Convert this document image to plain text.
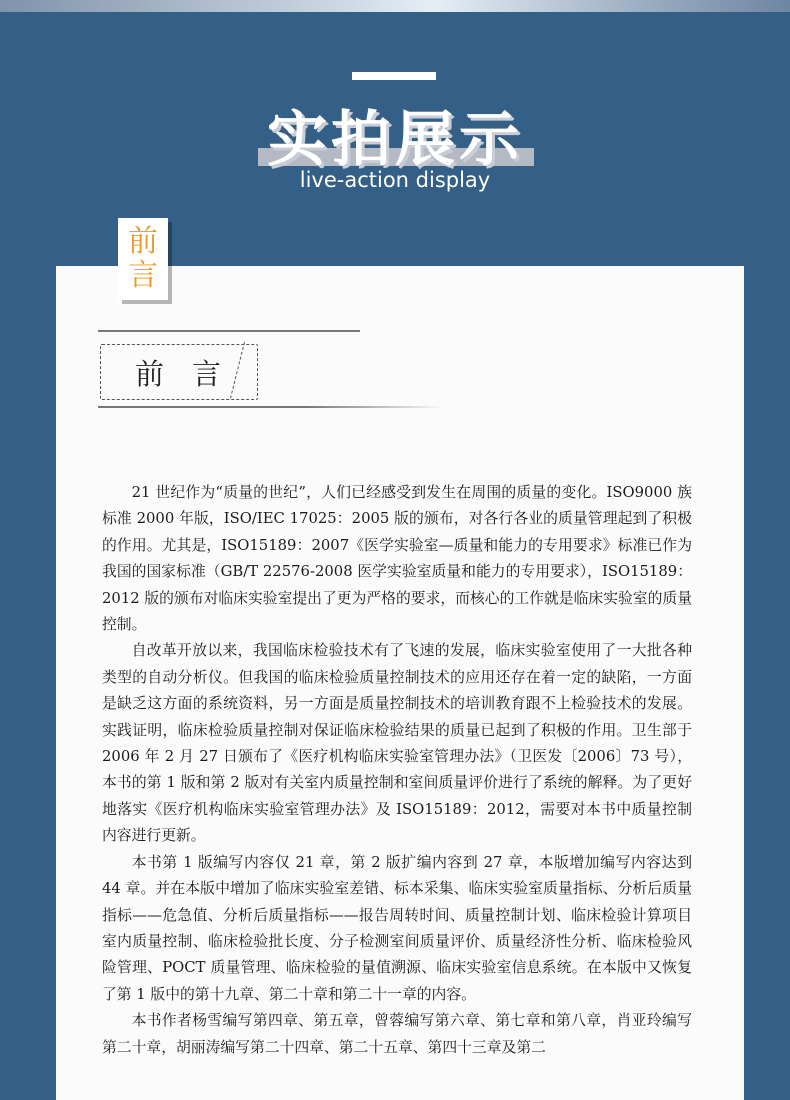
实拍展示
live-action display
前
言
前言

21 世纪作为“质量的世纪”，人们已经感受到发生在周围的质量的变化。ISO9000 族标准 2000 年版，ISO/IEC 17025：2005 版的颁布，对各行各业的质量管理起到了积极的作用。尤其是，ISO15189：2007《医学实验室—质量和能力的专用要求》标准已作为我国的国家标准（GB/T 22576-2008 医学实验室质量和能力的专用要求），ISO15189：2012 版的颁布对临床实验室提出了更为严格的要求，而核心的工作就是临床实验室的质量控制。

自改革开放以来，我国临床检验技术有了飞速的发展，临床实验室使用了一大批各种类型的自动分析仪。但我国的临床检验质量控制技术的应用还存在着一定的缺陷，一方面是缺乏这方面的系统资料，另一方面是质量控制技术的培训教育跟不上检验技术的发展。实践证明，临床检验质量控制对保证临床检验结果的质量已起到了积极的作用。卫生部于 2006 年 2 月 27 日颁布了《医疗机构临床实验室管理办法》（卫医发〔2006〕73 号），本书的第 1 版和第 2 版对有关室内质量控制和室间质量评价进行了系统的解释。为了更好地落实《医疗机构临床实验室管理办法》及 ISO15189：2012，需要对本书中质量控制内容进行更新。

本书第 1 版编写内容仅 21 章，第 2 版扩编内容到 27 章，本版增加编写内容达到 44 章。并在本版中增加了临床实验室差错、标本采集、临床实验室质量指标、分析后质量指标——危急值、分析后质量指标——报告周转时间、质量控制计划、临床检验计算项目室内质量控制、临床检验批长度、分子检测室间质量评价、质量经济性分析、临床检验风险管理、POCT 质量管理、临床检验的量值溯源、临床实验室信息系统。在本版中又恢复了第 1 版中的第十九章、第二十章和第二十一章的内容。

本书作者杨雪编写第四章、第五章，曾蓉编写第六章、第七章和第八章，肖亚玲编写第二十章，胡丽涛编写第二十四章、第二十五章、第四十三章及第二
